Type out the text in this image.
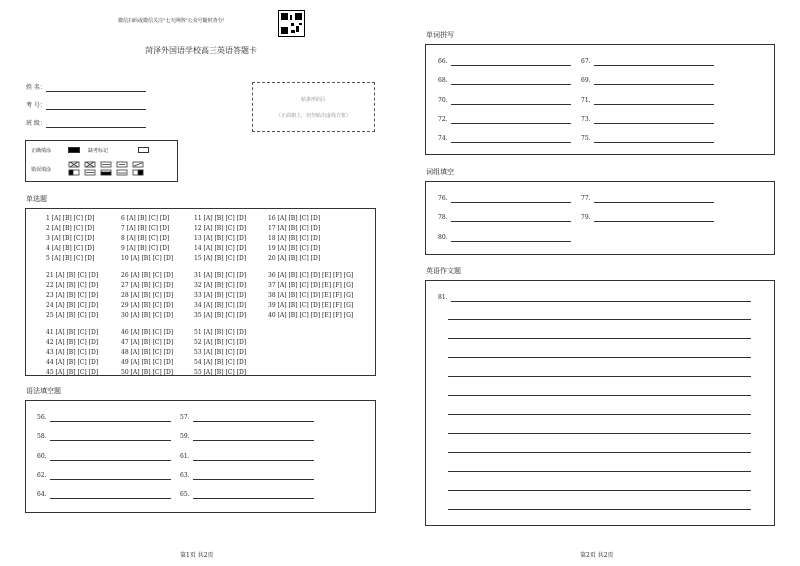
微信扫码或微信关注"七天网络"公众号随时查分！
菏泽外国语学校高三英语答题卡
姓 名：
考 号：
班 级：
贴条形码区
（正面朝上，切勿贴出虚线方框）
正确填涂	缺考标记
错误填涂
单选题
1 [A] [B] [C] [D]	6 [A] [B] [C] [D]	11 [A] [B] [C] [D]	16 [A] [B] [C] [D]
2 [A] [B] [C] [D]	7 [A] [B] [C] [D]	12 [A] [B] [C] [D]	17 [A] [B] [C] [D]
3 [A] [B] [C] [D]	8 [A] [B] [C] [D]	13 [A] [B] [C] [D]	18 [A] [B] [C] [D]
4 [A] [B] [C] [D]	9 [A] [B] [C] [D]	14 [A] [B] [C] [D]	19 [A] [B] [C] [D]
5 [A] [B] [C] [D]	10 [A] [B] [C] [D]	15 [A] [B] [C] [D]	20 [A] [B] [C] [D]
21 [A] [B] [C] [D]	26 [A] [B] [C] [D]	31 [A] [B] [C] [D]	36 [A] [B] [C] [D] [E] [F] [G]
22 [A] [B] [C] [D]	27 [A] [B] [C] [D]	32 [A] [B] [C] [D]	37 [A] [B] [C] [D] [E] [F] [G]
23 [A] [B] [C] [D]	28 [A] [B] [C] [D]	33 [A] [B] [C] [D]	38 [A] [B] [C] [D] [E] [F] [G]
24 [A] [B] [C] [D]	29 [A] [B] [C] [D]	34 [A] [B] [C] [D]	39 [A] [B] [C] [D] [E] [F] [G]
25 [A] [B] [C] [D]	30 [A] [B] [C] [D]	35 [A] [B] [C] [D]	40 [A] [B] [C] [D] [E] [F] [G]
41 [A] [B] [C] [D]	46 [A] [B] [C] [D]	51 [A] [B] [C] [D]
42 [A] [B] [C] [D]	47 [A] [B] [C] [D]	52 [A] [B] [C] [D]
43 [A] [B] [C] [D]	48 [A] [B] [C] [D]	53 [A] [B] [C] [D]
44 [A] [B] [C] [D]	49 [A] [B] [C] [D]	54 [A] [B] [C] [D]
45 [A] [B] [C] [D]	50 [A] [B] [C] [D]	55 [A] [B] [C] [D]
语法填空题
56.	57.
58.	59.
60.	61.
62.	63.
64.	65.
第1页 共2页
单词拼写
66.	67.
68.	69.
70.	71.
72.	73.
74.	75.
词组填空
76.	77.
78.	79.
80.
英语作文题
81.
第2页 共2页
